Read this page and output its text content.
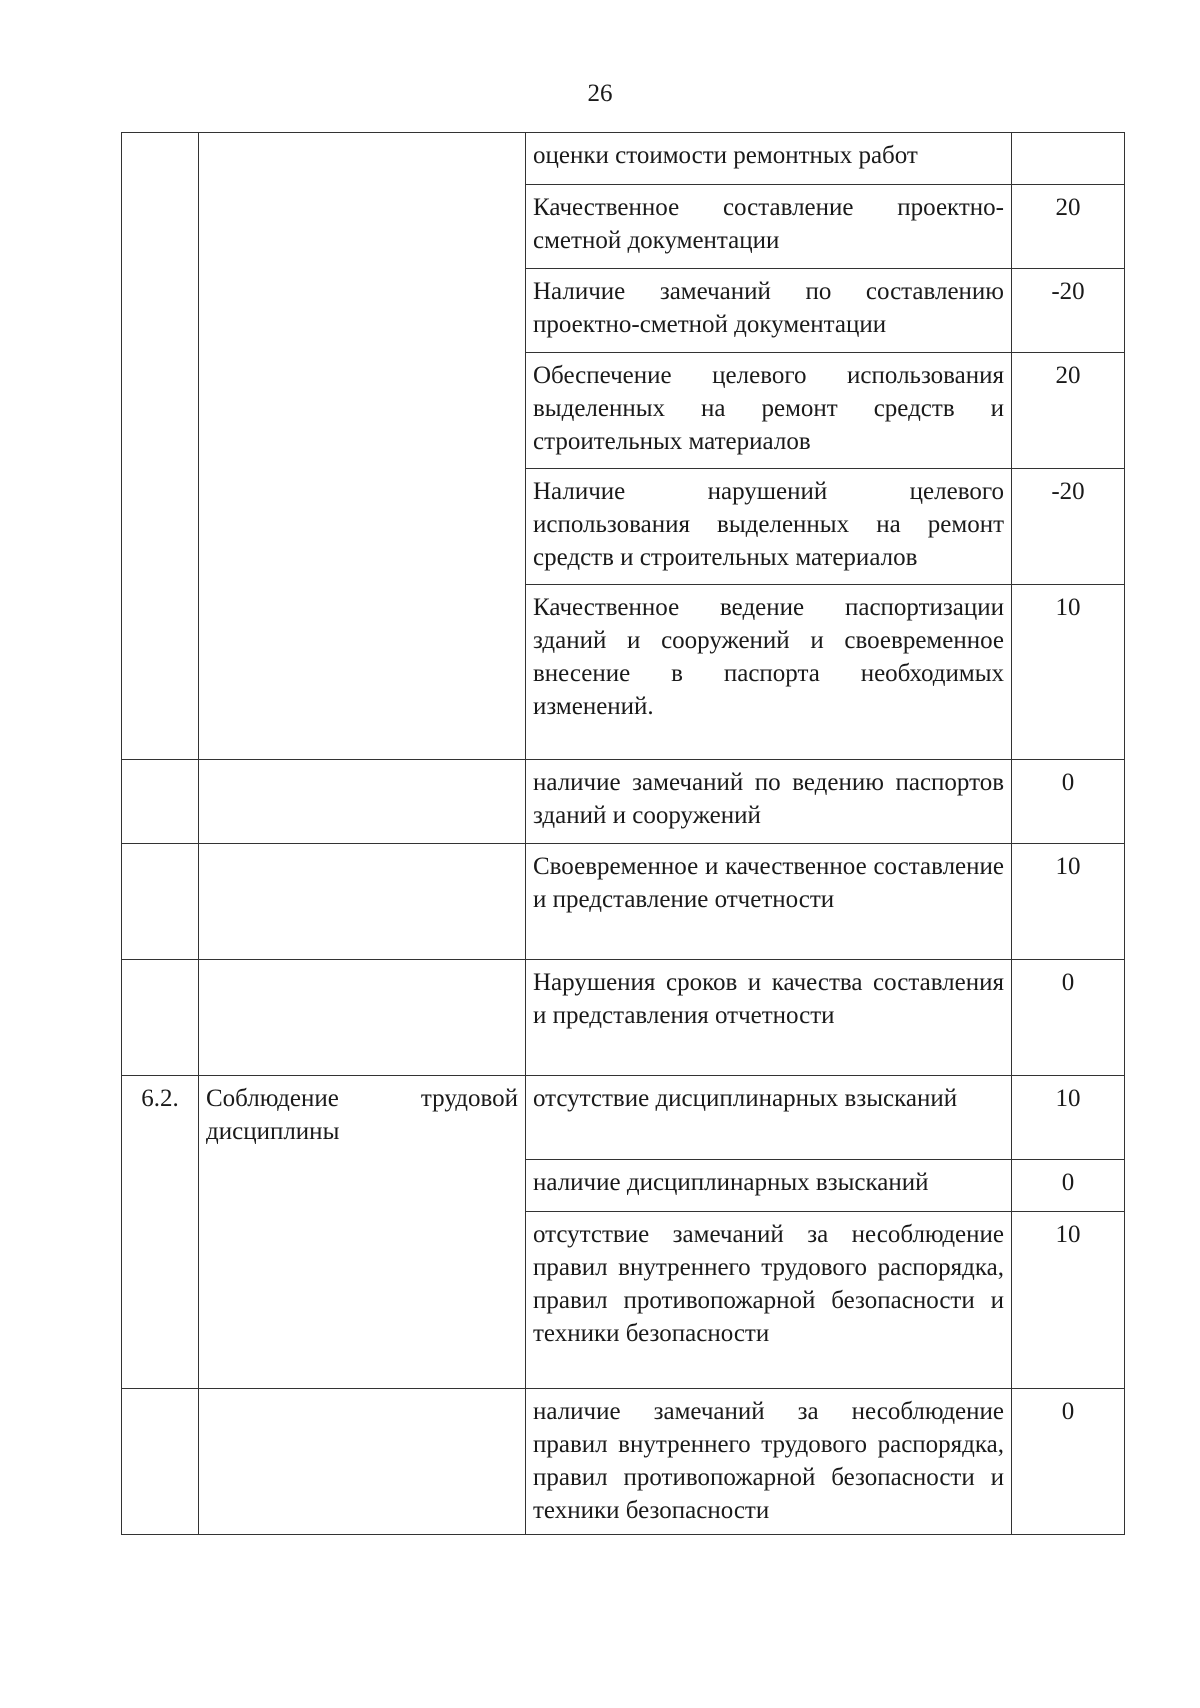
26
		оценки стоимости ремонтных работ	
		Качественное составление проектно-сметной документации	20
		Наличие замечаний по составлению проектно-сметной документации	-20
		Обеспечение целевого использования выделенных на ремонт средств и строительных материалов	20
		Наличие нарушений целевого использования выделенных на ремонт средств и строительных материалов	-20
		Качественное ведение паспортизации зданий и сооружений и своевременное внесение в паспорта необходимых изменений.	10
		наличие замечаний по ведению паспортов зданий и сооружений	0
		Своевременное и качественное составление и представление отчетности	10
		Нарушения сроков и качества составления и представления отчетности	0
6.2.	Соблюдение трудовой дисциплины	отсутствие дисциплинарных взысканий	10
		наличие дисциплинарных взысканий	0
		отсутствие замечаний за несоблюдение правил внутреннего трудового распорядка, правил противопожарной безопасности и техники безопасности	10
		наличие замечаний за несоблюдение правил внутреннего трудового распорядка, правил противопожарной безопасности и техники безопасности	0
